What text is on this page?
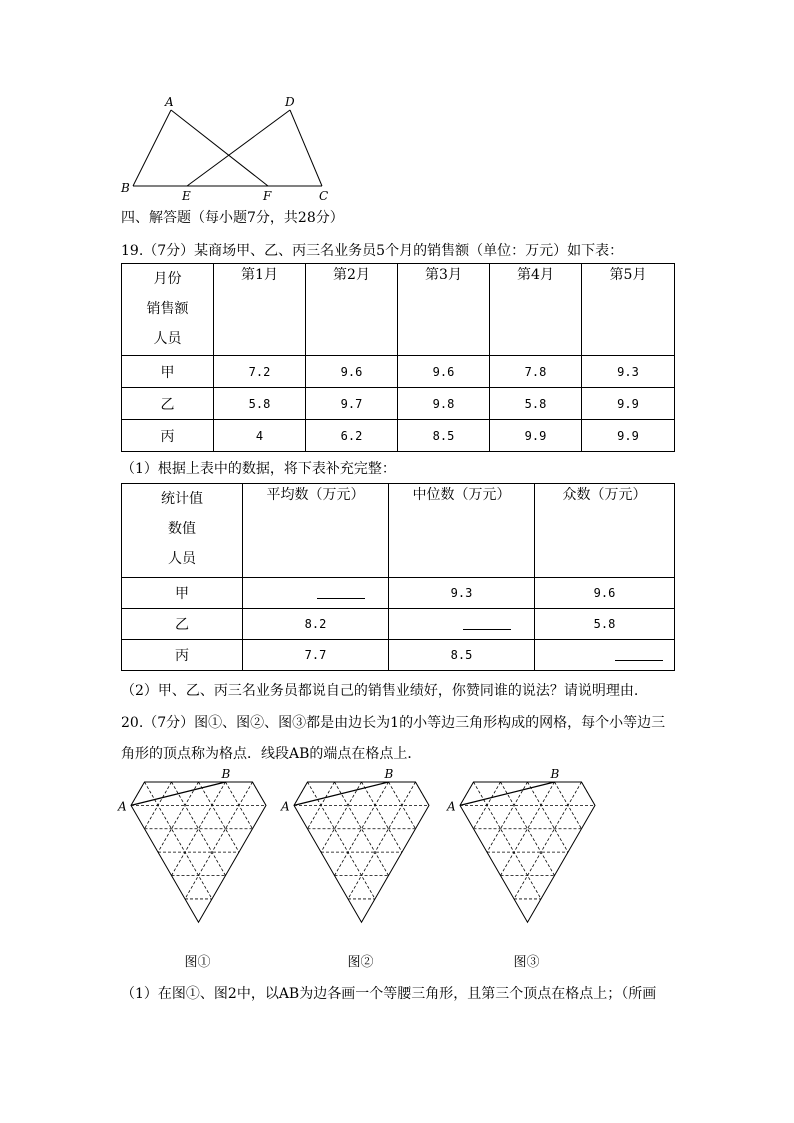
A	D
B
E	F	C
四、解答题（每小题7分，共28分）
19.（7分）某商场甲、乙、丙三名业务员5个月的销售额（单位：万元）如下表：
月份
销售额
人员	第1月	第2月	第3月	第4月	第5月
甲	7.2	9.6	9.6	7.8	9.3
乙	5.8	9.7	9.8	5.8	9.9
丙	4	6.2	8.5	9.9	9.9
（1）根据上表中的数据，将下表补充完整：
统计值
数值
人员	平均数（万元）	中位数（万元）	众数（万元）
甲		9.3	9.6
乙	8.2		5.8
丙	7.7	8.5	
（2）甲、乙、丙三名业务员都说自己的销售业绩好，你赞同谁的说法？请说明理由.
20.（7分）图①、图②、图③都是由边长为1的小等边三角形构成的网格，每个小等边三
角形的顶点称为格点．线段AB的端点在格点上．
A
B
图①
A
B
图②
A
B
图③
（1）在图①、图2中，以AB为边各画一个等腰三角形，且第三个顶点在格点上；（所画
